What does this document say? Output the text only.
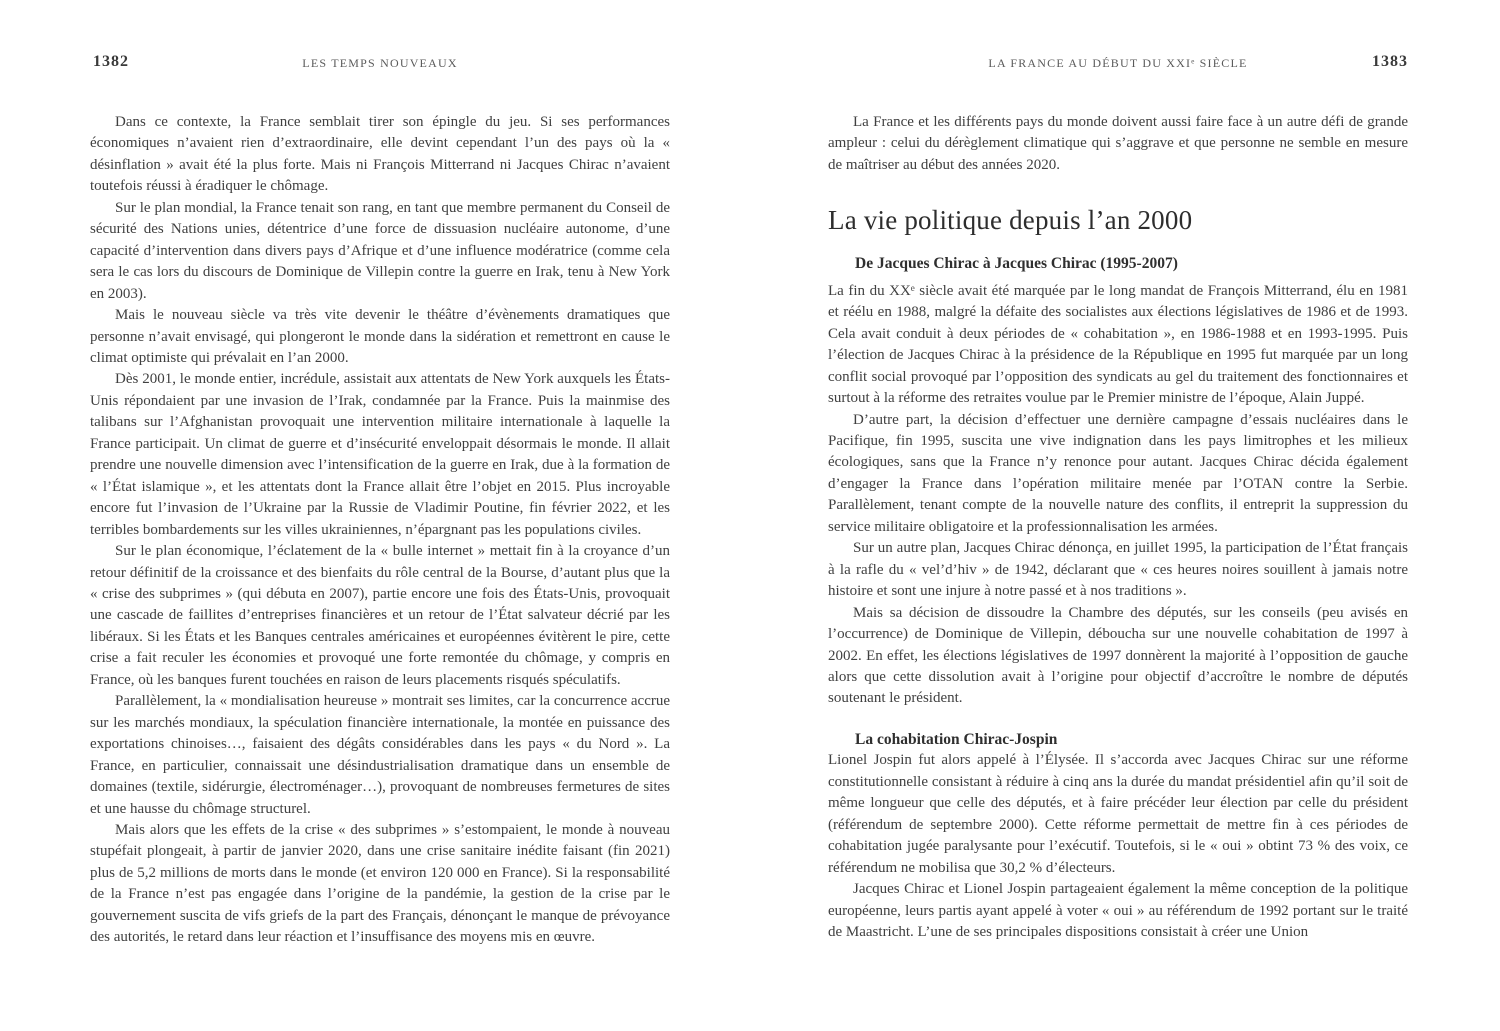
1382	LES TEMPS NOUVEAUX

Dans ce contexte, la France semblait tirer son épingle du jeu. Si ses performances économiques n’avaient rien d’extraordinaire, elle devint cependant l’un des pays où la « désinflation » avait été la plus forte. Mais ni François Mitterrand ni Jacques Chirac n’avaient toutefois réussi à éradiquer le chômage.

Sur le plan mondial, la France tenait son rang, en tant que membre permanent du Conseil de sécurité des Nations unies, détentrice d’une force de dissuasion nucléaire autonome, d’une capacité d’intervention dans divers pays d’Afrique et d’une influence modératrice (comme cela sera le cas lors du discours de Dominique de Villepin contre la guerre en Irak, tenu à New York en 2003).

Mais le nouveau siècle va très vite devenir le théâtre d’évènements dramatiques que personne n’avait envisagé, qui plongeront le monde dans la sidération et remettront en cause le climat optimiste qui prévalait en l’an 2000.

Dès 2001, le monde entier, incrédule, assistait aux attentats de New York auxquels les États-Unis répondaient par une invasion de l’Irak, condamnée par la France. Puis la mainmise des talibans sur l’Afghanistan provoquait une intervention militaire internationale à laquelle la France participait. Un climat de guerre et d’insécurité enveloppait désormais le monde. Il allait prendre une nouvelle dimension avec l’intensification de la guerre en Irak, due à la formation de « l’État islamique », et les attentats dont la France allait être l’objet en 2015. Plus incroyable encore fut l’invasion de l’Ukraine par la Russie de Vladimir Poutine, fin février 2022, et les terribles bombardements sur les villes ukrainiennes, n’épargnant pas les populations civiles.

Sur le plan économique, l’éclatement de la « bulle internet » mettait fin à la croyance d’un retour définitif de la croissance et des bienfaits du rôle central de la Bourse, d’autant plus que la « crise des subprimes » (qui débuta en 2007), partie encore une fois des États-Unis, provoquait une cascade de faillites d’entreprises financières et un retour de l’État salvateur décrié par les libéraux. Si les États et les Banques centrales américaines et européennes évitèrent le pire, cette crise a fait reculer les économies et provoqué une forte remontée du chômage, y compris en France, où les banques furent touchées en raison de leurs placements risqués spéculatifs.

Parallèlement, la « mondialisation heureuse » montrait ses limites, car la concurrence accrue sur les marchés mondiaux, la spéculation financière internationale, la montée en puissance des exportations chinoises…, faisaient des dégâts considérables dans les pays « du Nord ». La France, en particulier, connaissait une désindustrialisation dramatique dans un ensemble de domaines (textile, sidérurgie, électroménager…), provoquant de nombreuses fermetures de sites et une hausse du chômage structurel.

Mais alors que les effets de la crise « des subprimes » s’estompaient, le monde à nouveau stupéfait plongeait, à partir de janvier 2020, dans une crise sanitaire inédite faisant (fin 2021) plus de 5,2 millions de morts dans le monde (et environ 120 000 en France). Si la responsabilité de la France n’est pas engagée dans l’origine de la pandémie, la gestion de la crise par le gouvernement suscita de vifs griefs de la part des Français, dénonçant le manque de prévoyance des autorités, le retard dans leur réaction et l’insuffisance des moyens mis en œuvre.

LA FRANCE AU DÉBUT DU XXIᵉ SIÈCLE	1383

La France et les différents pays du monde doivent aussi faire face à un autre défi de grande ampleur : celui du dérèglement climatique qui s’aggrave et que personne ne semble en mesure de maîtriser au début des années 2020.

La vie politique depuis l’an 2000
De Jacques Chirac à Jacques Chirac (1995-2007)

La fin du XXᵉ siècle avait été marquée par le long mandat de François Mitterrand, élu en 1981 et réélu en 1988, malgré la défaite des socialistes aux élections législatives de 1986 et de 1993. Cela avait conduit à deux périodes de « cohabitation », en 1986-1988 et en 1993-1995. Puis l’élection de Jacques Chirac à la présidence de la République en 1995 fut marquée par un long conflit social provoqué par l’opposition des syndicats au gel du traitement des fonctionnaires et surtout à la réforme des retraites voulue par le Premier ministre de l’époque, Alain Juppé.

D’autre part, la décision d’effectuer une dernière campagne d’essais nucléaires dans le Pacifique, fin 1995, suscita une vive indignation dans les pays limitrophes et les milieux écologiques, sans que la France n’y renonce pour autant. Jacques Chirac décida également d’engager la France dans l’opération militaire menée par l’OTAN contre la Serbie. Parallèlement, tenant compte de la nouvelle nature des conflits, il entreprit la suppression du service militaire obligatoire et la professionnalisation les armées.

Sur un autre plan, Jacques Chirac dénonça, en juillet 1995, la participation de l’État français à la rafle du « vel’d’hiv » de 1942, déclarant que « ces heures noires souillent à jamais notre histoire et sont une injure à notre passé et à nos traditions ».

Mais sa décision de dissoudre la Chambre des députés, sur les conseils (peu avisés en l’occurrence) de Dominique de Villepin, déboucha sur une nouvelle cohabitation de 1997 à 2002. En effet, les élections législatives de 1997 donnèrent la majorité à l’opposition de gauche alors que cette dissolution avait à l’origine pour objectif d’accroître le nombre de députés soutenant le président.

La cohabitation Chirac-Jospin

Lionel Jospin fut alors appelé à l’Élysée. Il s’accorda avec Jacques Chirac sur une réforme constitutionnelle consistant à réduire à cinq ans la durée du mandat présidentiel afin qu’il soit de même longueur que celle des députés, et à faire précéder leur élection par celle du président (référendum de septembre 2000). Cette réforme permettait de mettre fin à ces périodes de cohabitation jugée paralysante pour l’exécutif. Toutefois, si le « oui » obtint 73 % des voix, ce référendum ne mobilisa que 30,2 % d’électeurs.

Jacques Chirac et Lionel Jospin partageaient également la même conception de la politique européenne, leurs partis ayant appelé à voter « oui » au référendum de 1992 portant sur le traité de Maastricht. L’une de ses principales dispositions consistait à créer une Union
